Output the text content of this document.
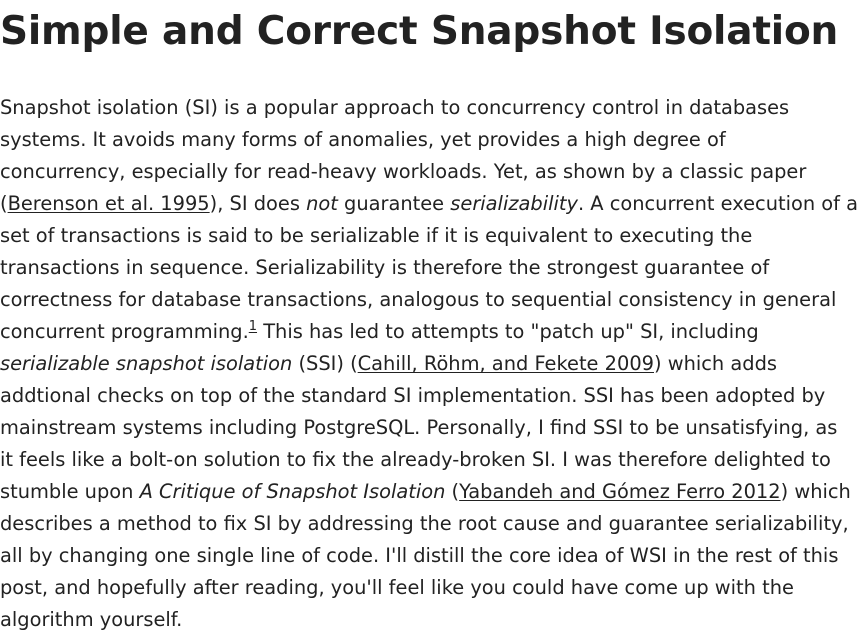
Simple and Correct Snapshot Isolation
Snapshot isolation (SI) is a popular approach to concurrency control in databases
systems. It avoids many forms of anomalies, yet provides a high degree of
concurrency, especially for read-heavy workloads. Yet, as shown by a classic paper
(Berenson et al. 1995), SI does not guarantee serializability. A concurrent execution of a
set of transactions is said to be serializable if it is equivalent to executing the
transactions in sequence. Serializability is therefore the strongest guarantee of
correctness for database transactions, analogous to sequential consistency in general
concurrent programming.$^1$ This has led to attempts to "patch up" SI, including
serializable snapshot isolation (SSI) (Cahill, Röhm, and Fekete 2009) which adds
addtional checks on top of the standard SI implementation. SSI has been adopted by
mainstream systems including PostgreSQL. Personally, I find SSI to be unsatisfying, as
it feels like a bolt-on solution to fix the already-broken SI. I was therefore delighted to
stumble upon A Critique of Snapshot Isolation (Yabandeh and Gómez Ferro 2012) which
describes a method to fix SI by addressing the root cause and guarantee serializability,
all by changing one single line of code. I'll distill the core idea of WSI in the rest of this
post, and hopefully after reading, you'll feel like you could have come up with the
algorithm yourself.
